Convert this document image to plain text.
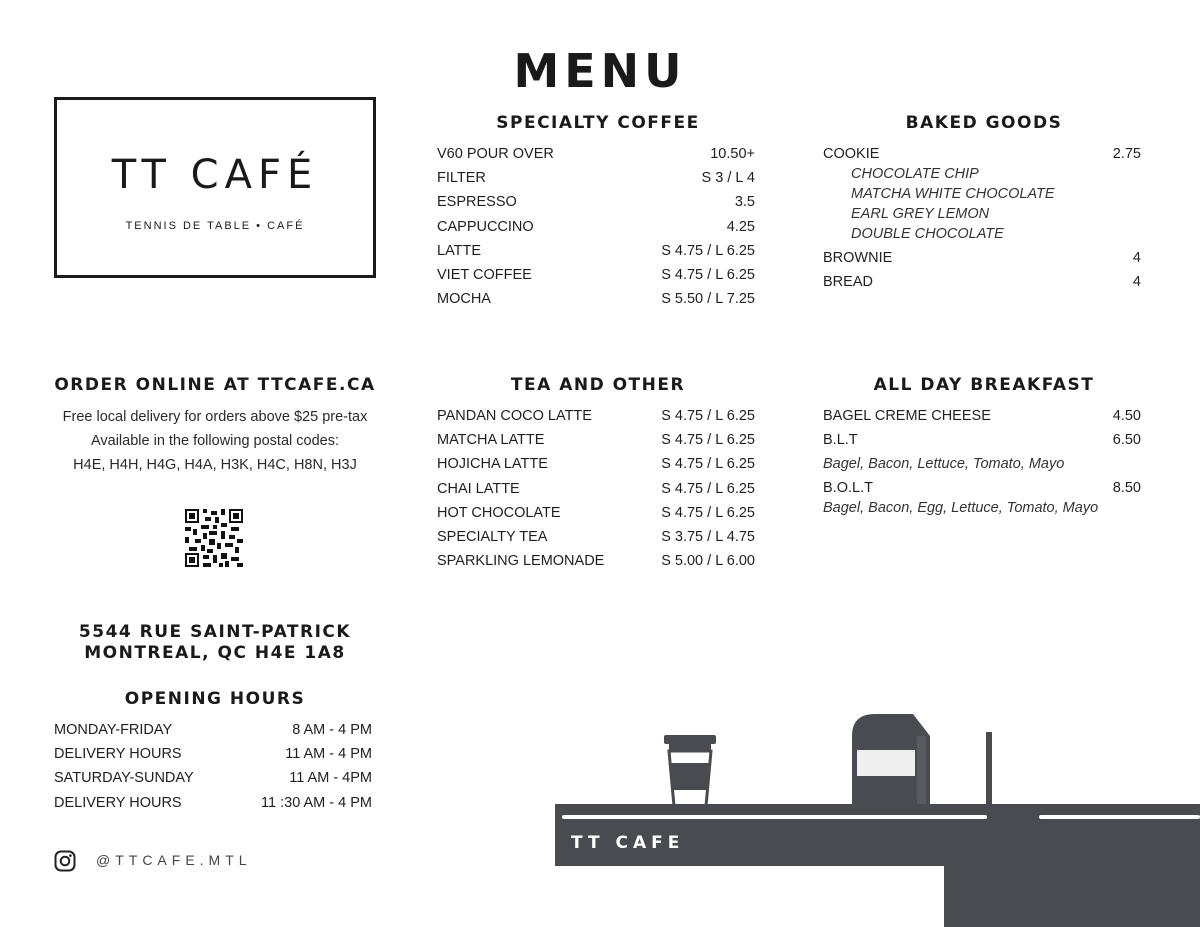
MENU
TT CAFÉ
TENNIS DE TABLE • CAFÉ
SPECIALTY COFFEE
V60 POUR OVER	10.50+
FILTER	S 3 / L 4
ESPRESSO	3.5
CAPPUCCINO	4.25
LATTE	S 4.75 / L 6.25
VIET COFFEE	S 4.75 / L 6.25
MOCHA	S 5.50 / L 7.25
BAKED GOODS
COOKIE	2.75
CHOCOLATE CHIP
MATCHA WHITE CHOCOLATE
EARL GREY LEMON
DOUBLE CHOCOLATE
BROWNIE	4
BREAD	4
ORDER ONLINE AT TTCAFE.CA
Free local delivery for orders above $25 pre-tax
Available in the following postal codes:
H4E, H4H, H4G, H4A, H3K, H4C, H8N, H3J
TEA AND OTHER
PANDAN COCO LATTE	S 4.75 / L 6.25
MATCHA LATTE	S 4.75 / L 6.25
HOJICHA LATTE	S 4.75 / L 6.25
CHAI LATTE	S 4.75 / L 6.25
HOT CHOCOLATE	S 4.75 / L 6.25
SPECIALTY TEA	S 3.75 / L 4.75
SPARKLING LEMONADE	S 5.00 / L 6.00
ALL DAY BREAKFAST
BAGEL CREME CHEESE	4.50
B.L.T	6.50
Bagel, Bacon, Lettuce, Tomato, Mayo
B.O.L.T	8.50
Bagel, Bacon, Egg, Lettuce, Tomato, Mayo
5544 RUE SAINT-PATRICK
MONTREAL, QC H4E 1A8
OPENING HOURS
MONDAY-FRIDAY	8 AM - 4 PM
DELIVERY HOURS	11 AM - 4 PM
SATURDAY-SUNDAY	11 AM - 4PM
DELIVERY HOURS	11 :30 AM - 4 PM
@TTCAFE.MTL
TT CAFE
